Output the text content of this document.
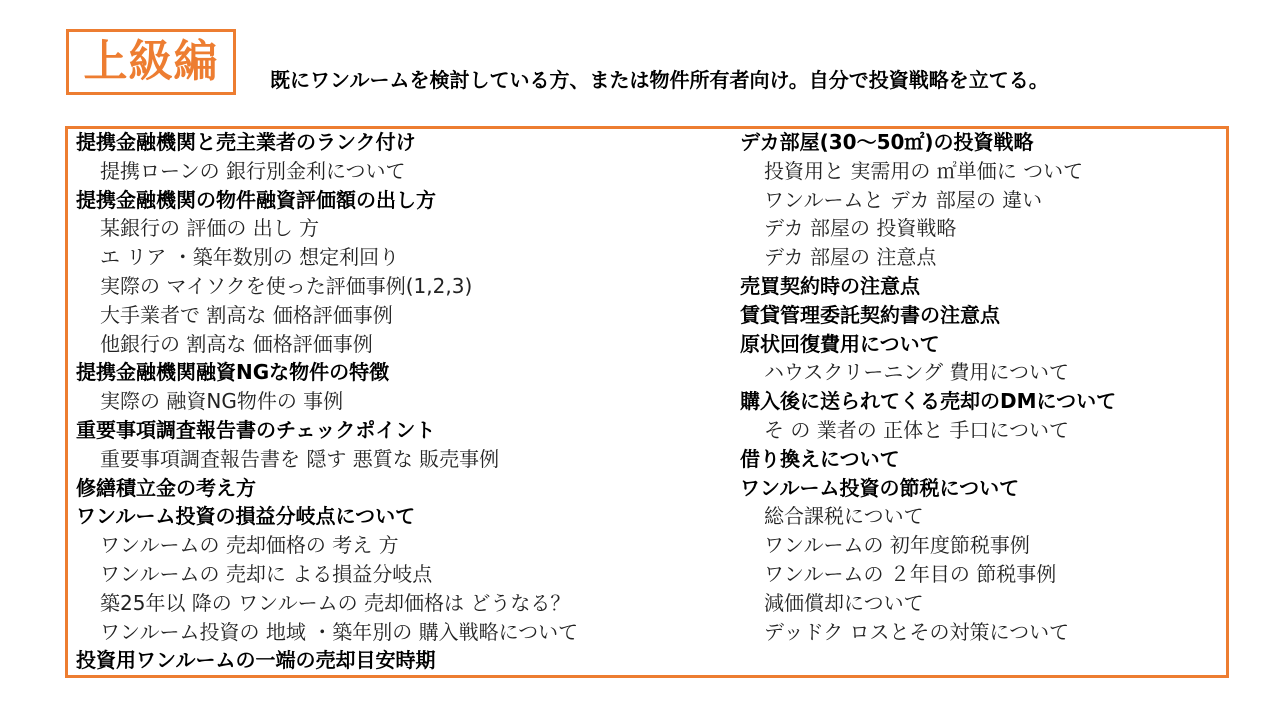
上級編	既にワンルームを検討している方、または物件所有者向け。自分で投資戦略を立てる。
提携金融機関と売主業者のランク付け
提携ローンの 銀行別金利について
提携金融機関の物件融資評価額の出し方
某銀行の 評価の 出し 方
エ リア ・築年数別の 想定利回り
実際の マイソクを使った評価事例(1,2,3)
大手業者で 割高な 価格評価事例
他銀行の 割高な 価格評価事例
提携金融機関融資NGな物件の特徴
実際の 融資NG物件の 事例
重要事項調査報告書のチェックポイント
重要事項調査報告書を 隠す 悪質な 販売事例
修繕積立金の考え方
ワンルーム投資の損益分岐点について
ワンルームの 売却価格の 考え 方
ワンルームの 売却に よる損益分岐点
築25年以 降の ワンルームの 売却価格は どうなる？
ワンルーム投資の 地域 ・築年別の 購入戦略について
投資用ワンルームの一端の売却目安時期
デカ部屋(30～50㎡)の投資戦略
投資用と 実需用の ㎡単価に ついて
ワンルームと デカ 部屋の 違い
デカ 部屋の 投資戦略
デカ 部屋の 注意点
売買契約時の注意点
賃貸管理委託契約書の注意点
原状回復費用について
ハウスクリーニング 費用について
購入後に送られてくる売却のDMについて
そ の 業者の 正体と 手口について
借り換えについて
ワンルーム投資の節税について
総合課税について
ワンルームの 初年度節税事例
ワンルームの ２年目の 節税事例
減価償却について
デッドク ロスとその対策について
